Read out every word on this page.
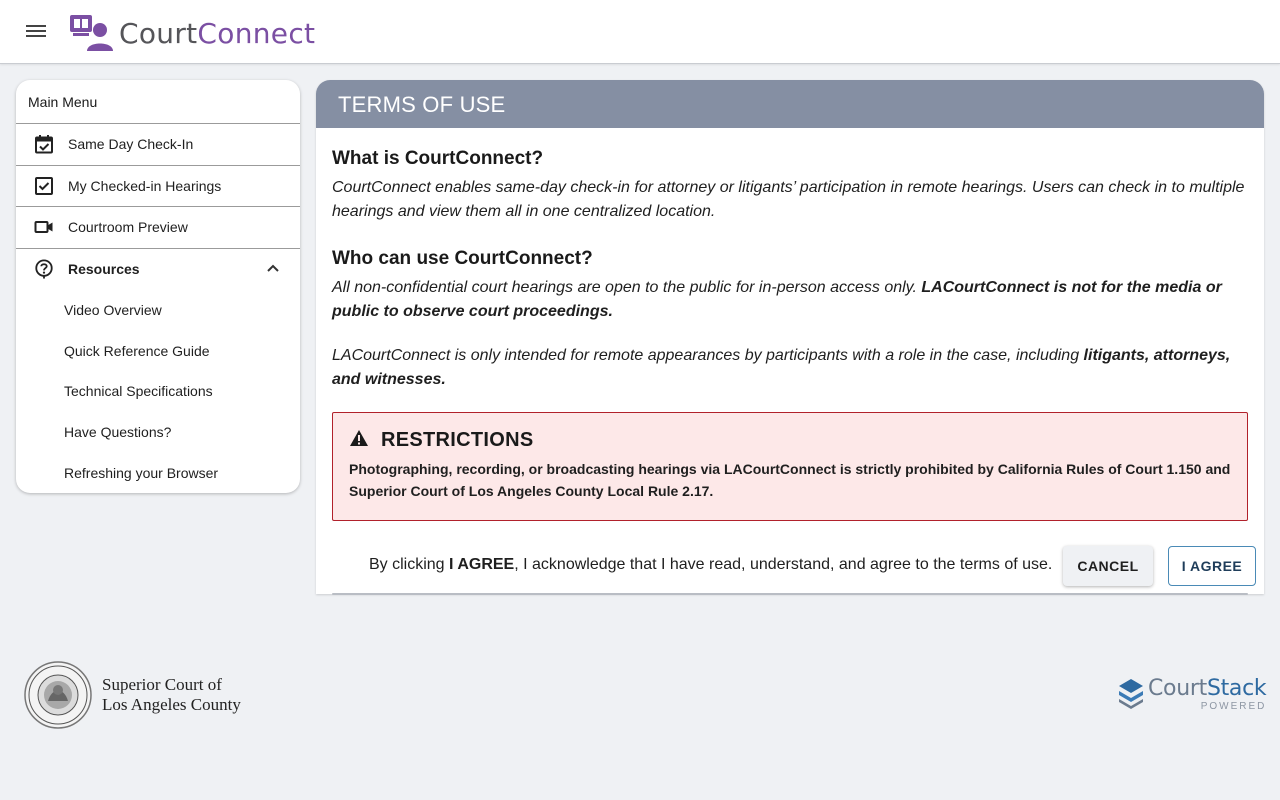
CourtConnect
Main Menu
Same Day Check-In
My Checked-in Hearings
Courtroom Preview
Resources
Video Overview
Quick Reference Guide
Technical Specifications
Have Questions?
Refreshing your Browser
TERMS OF USE
What is CourtConnect?

CourtConnect enables same-day check-in for attorney or litigants’ participation in remote hearings. Users can check in to multiple hearings and view them all in one centralized location.

Who can use CourtConnect?

All non-confidential court hearings are open to the public for in-person access only. LACourtConnect is not for the media or public to observe court proceedings.

LACourtConnect is only intended for remote appearances by participants with a role in the case, including litigants, attorneys, and witnesses.

RESTRICTIONS
Photographing, recording, or broadcasting hearings via LACourtConnect is strictly prohibited by California Rules of Court 1.150 and Superior Court of Los Angeles County Local Rule 2.17.
By clicking I AGREE, I acknowledge that I have read, understand, and agree to the terms of use.	CANCEL	I AGREE
Superior Court of
Los Angeles County
CourtStack
POWERED
